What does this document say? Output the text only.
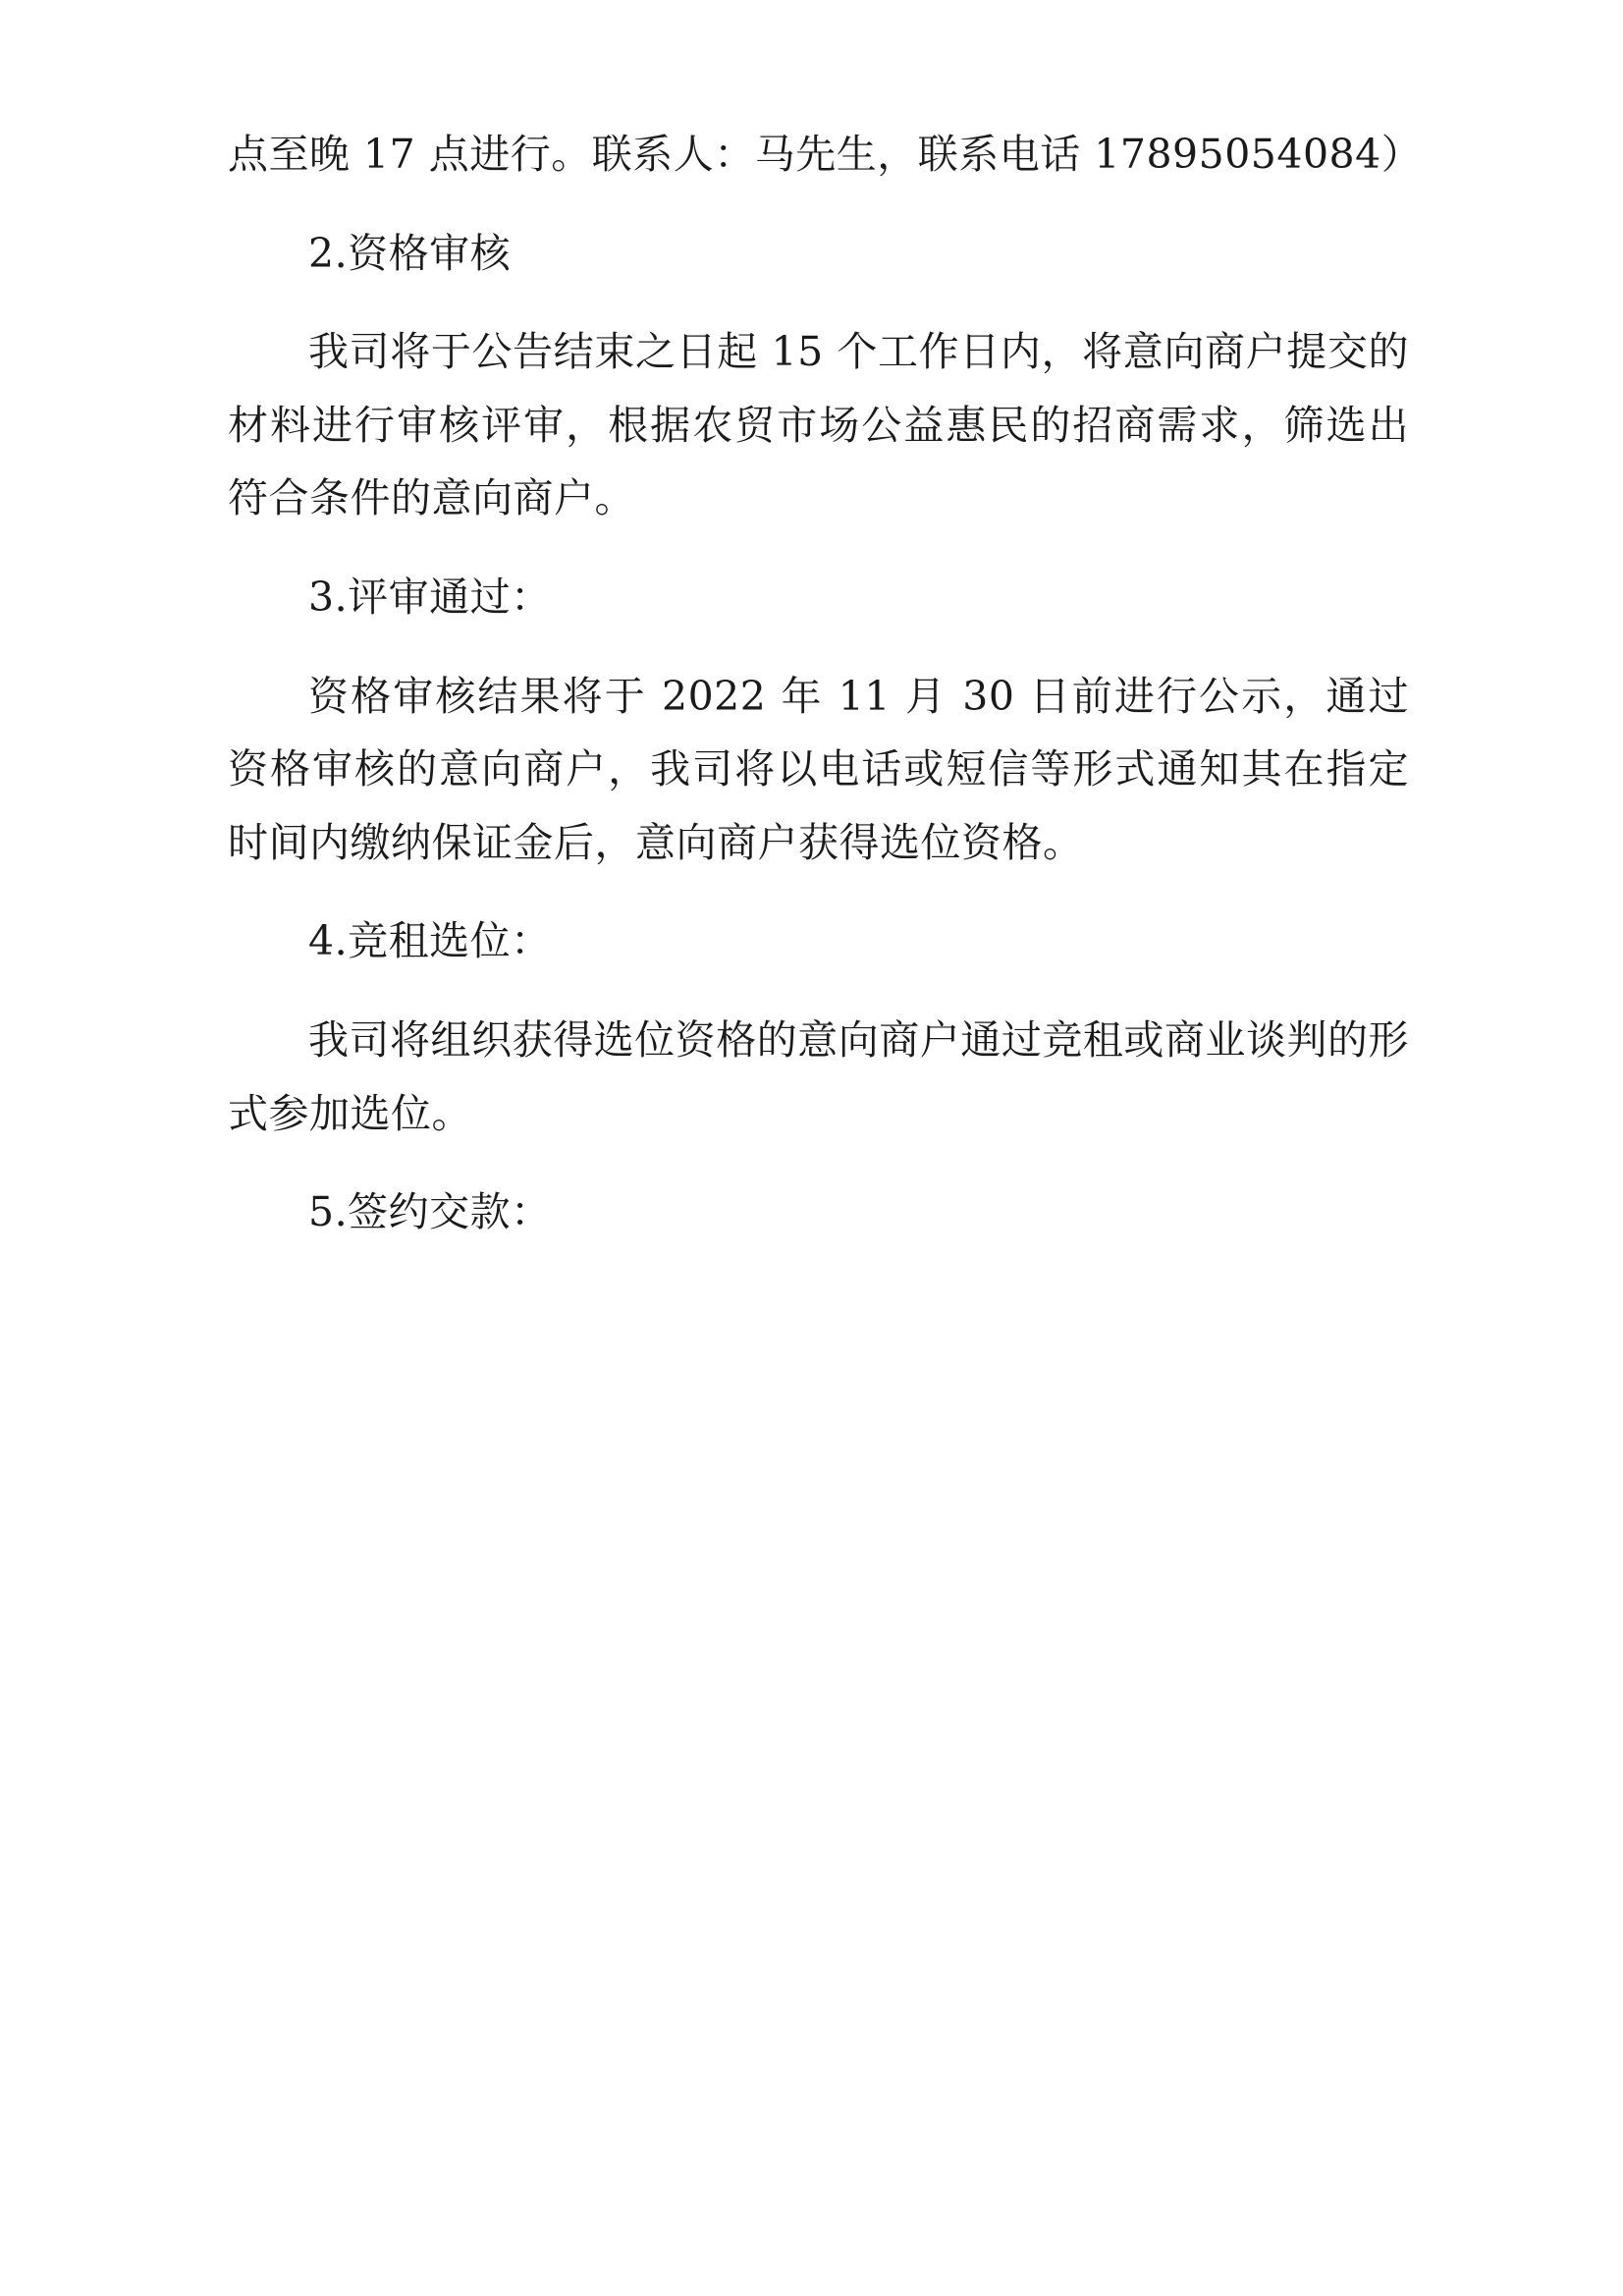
点至晚 17 点进行。联系人：马先生，联系电话 17895054084）

2.资格审核

我司将于公告结束之日起 15 个工作日内，将意向商户提交的材料进行审核评审，根据农贸市场公益惠民的招商需求，筛选出符合条件的意向商户。

3.评审通过：

资格审核结果将于 2022 年 11 月 30 日前进行公示，通过资格审核的意向商户，我司将以电话或短信等形式通知其在指定时间内缴纳保证金后，意向商户获得选位资格。

4.竞租选位：

我司将组织获得选位资格的意向商户通过竞租或商业谈判的形式参加选位。

5.签约交款：
